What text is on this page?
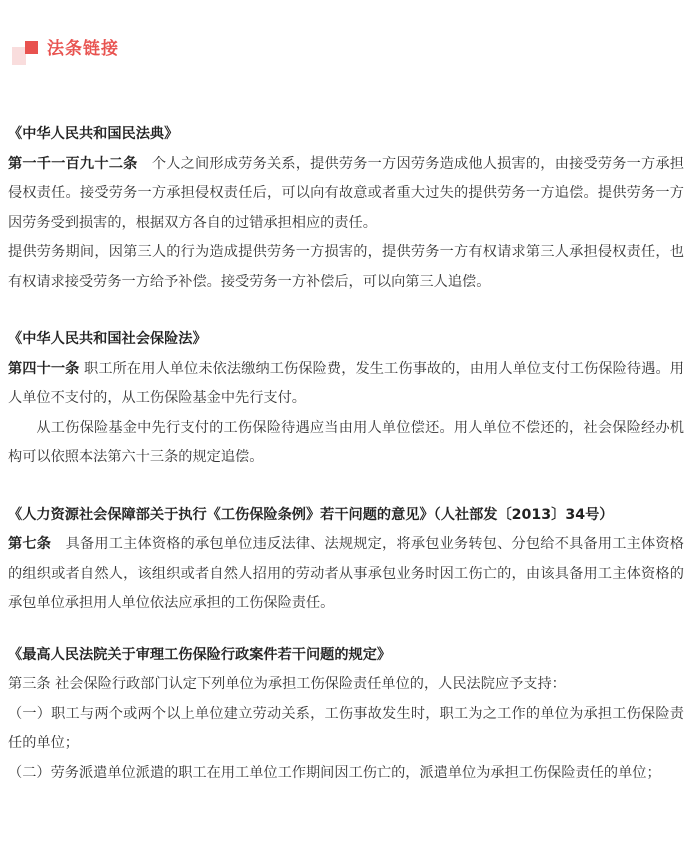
法条链接

《中华人民共和国民法典》

第一千一百九十二条　 个人之间形成劳务关系，提供劳务一方因劳务造成他人损害的，由接受劳务一方承担侵权责任。接受劳务一方承担侵权责任后，可以向有故意或者重大过失的提供劳务一方追偿。提供劳务一方因劳务受到损害的，根据双方各自的过错承担相应的责任。

提供劳务期间，因第三人的行为造成提供劳务一方损害的，提供劳务一方有权请求第三人承担侵权责任，也有权请求接受劳务一方给予补偿。接受劳务一方补偿后，可以向第三人追偿。

《中华人民共和国社会保险法》

第四十一条 职工所在用人单位未依法缴纳工伤保险费，发生工伤事故的，由用人单位支付工伤保险待遇。用人单位不支付的，从工伤保险基金中先行支付。

从工伤保险基金中先行支付的工伤保险待遇应当由用人单位偿还。用人单位不偿还的，社会保险经办机构可以依照本法第六十三条的规定追偿。

《人力资源社会保障部关于执行《工伤保险条例》若干问题的意见》（人社部发〔2013〕34号）

第七条　 具备用工主体资格的承包单位违反法律、法规规定，将承包业务转包、分包给不具备用工主体资格的组织或者自然人，该组织或者自然人招用的劳动者从事承包业务时因工伤亡的，由该具备用工主体资格的承包单位承担用人单位依法应承担的工伤保险责任。

《最高人民法院关于审理工伤保险行政案件若干问题的规定》

第三条 社会保险行政部门认定下列单位为承担工伤保险责任单位的，人民法院应予支持：

（一）职工与两个或两个以上单位建立劳动关系，工伤事故发生时，职工为之工作的单位为承担工伤保险责任的单位；

（二）劳务派遣单位派遣的职工在用工单位工作期间因工伤亡的，派遣单位为承担工伤保险责任的单位；
